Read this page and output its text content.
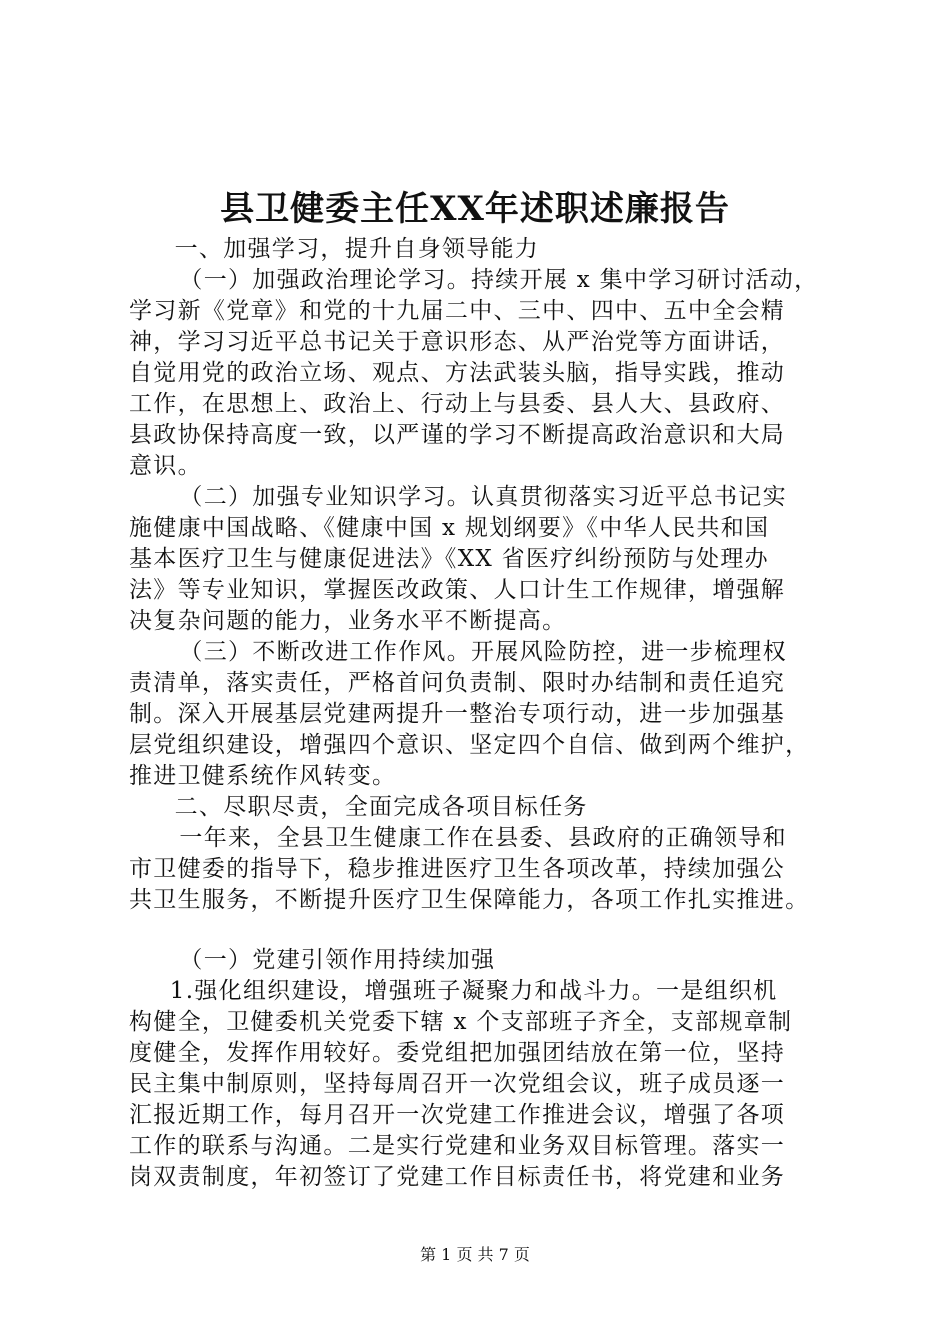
县卫健委主任XX年述职述廉报告
一、加强学习，提升自身领导能力
（一）加强政治理论学习。持续开展 x 集中学习研讨活动，
学习新《党章》和党的十九届二中、三中、四中、五中全会精
神，学习习近平总书记关于意识形态、从严治党等方面讲话，
自觉用党的政治立场、观点、方法武装头脑，指导实践，推动
工作，在思想上、政治上、行动上与县委、县人大、县政府、
县政协保持高度一致，以严谨的学习不断提高政治意识和大局
意识。
（二）加强专业知识学习。认真贯彻落实习近平总书记实
施健康中国战略、《健康中国 x 规划纲要》《中华人民共和国
基本医疗卫生与健康促进法》《XX 省医疗纠纷预防与处理办
法》等专业知识，掌握医改政策、人口计生工作规律，增强解
决复杂问题的能力，业务水平不断提高。
（三）不断改进工作作风。开展风险防控，进一步梳理权
责清单，落实责任，严格首问负责制、限时办结制和责任追究
制。深入开展基层党建两提升一整治专项行动，进一步加强基
层党组织建设，增强四个意识、坚定四个自信、做到两个维护，
推进卫健系统作风转变。
二、尽职尽责，全面完成各项目标任务
一年来，全县卫生健康工作在县委、县政府的正确领导和
市卫健委的指导下，稳步推进医疗卫生各项改革，持续加强公
共卫生服务，不断提升医疗卫生保障能力，各项工作扎实推进。
（一）党建引领作用持续加强
1.强化组织建设，增强班子凝聚力和战斗力。一是组织机
构健全，卫健委机关党委下辖 x 个支部班子齐全，支部规章制
度健全，发挥作用较好。委党组把加强团结放在第一位，坚持
民主集中制原则，坚持每周召开一次党组会议，班子成员逐一
汇报近期工作，每月召开一次党建工作推进会议，增强了各项
工作的联系与沟通。二是实行党建和业务双目标管理。落实一
岗双责制度，年初签订了党建工作目标责任书，将党建和业务
第 1 页 共 7 页
